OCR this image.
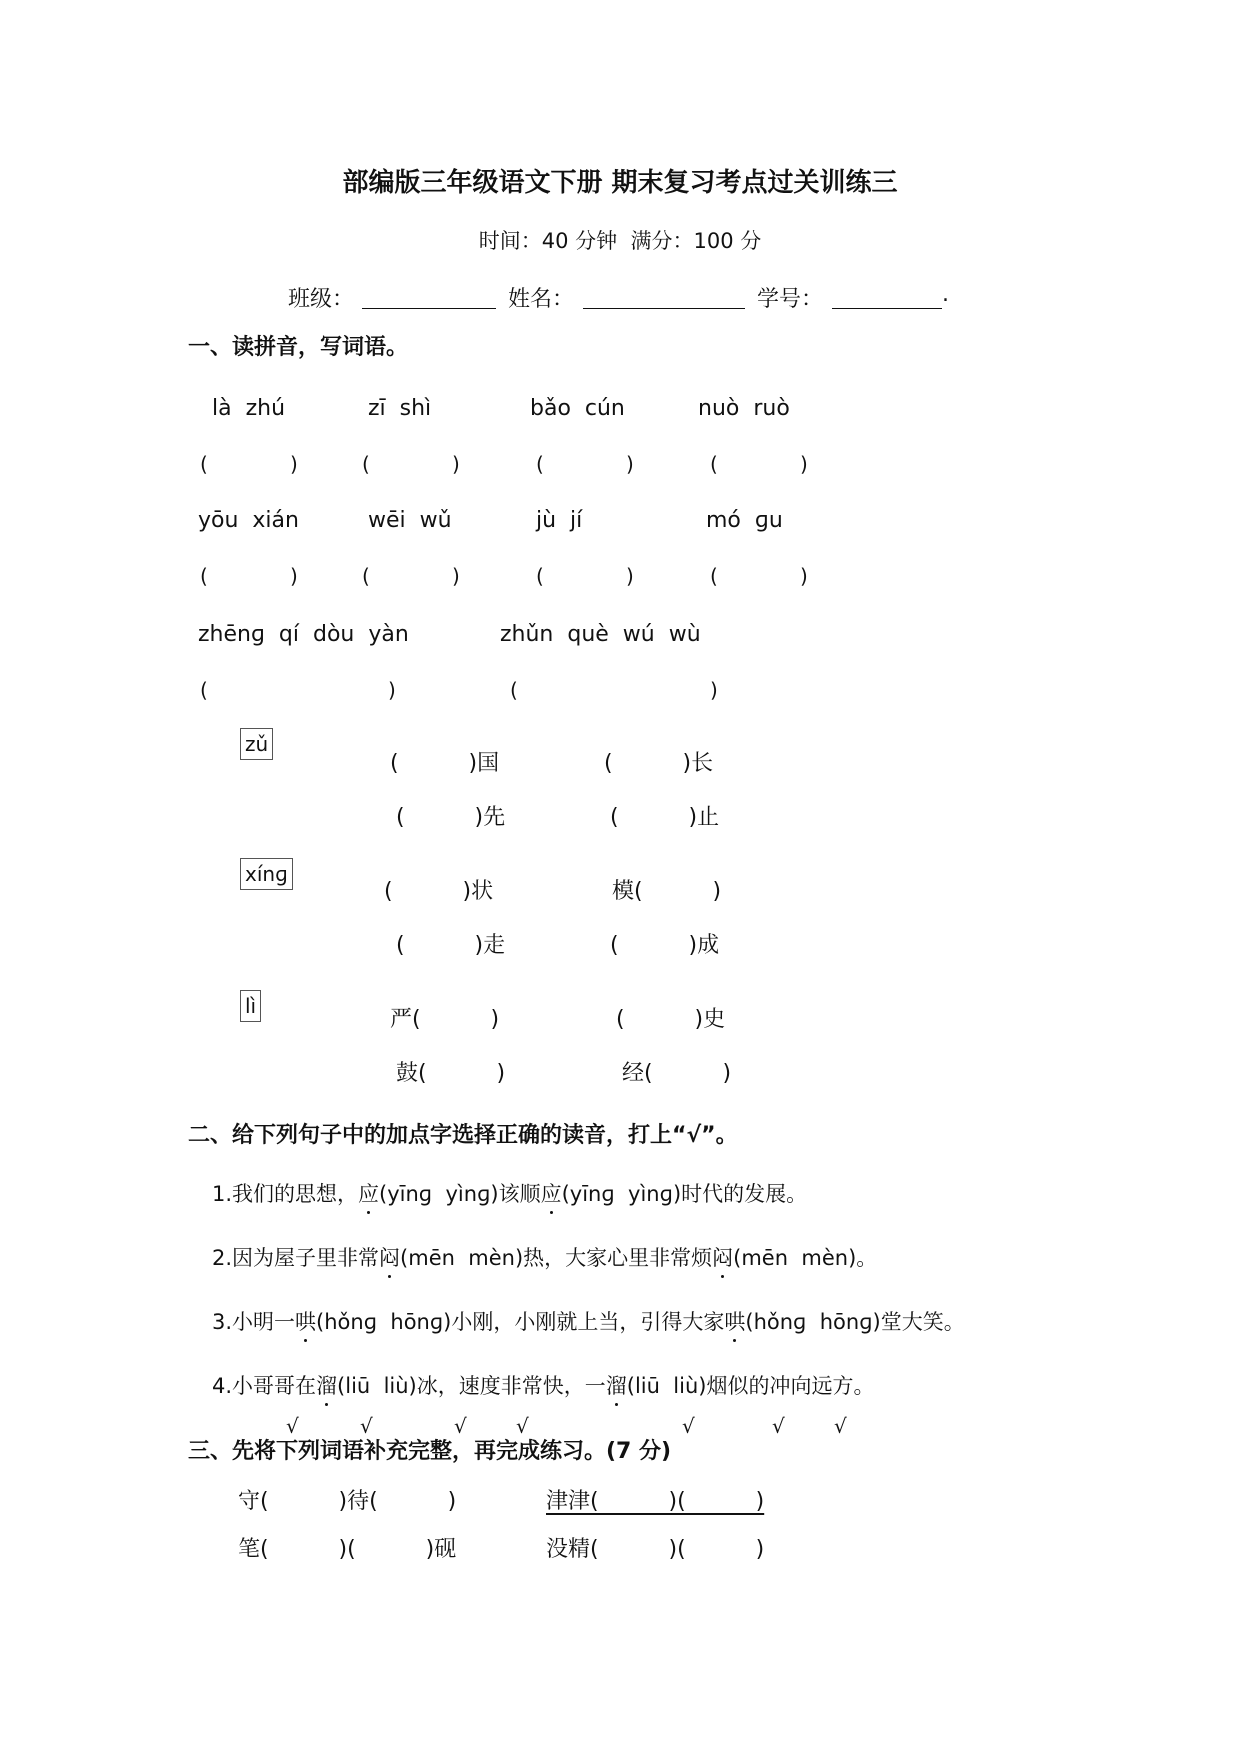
部编版三年级语文下册 期末复习考点过关训练三
时间：40 分钟  满分：100 分
班级：	姓名：	学号：	.
一、读拼音，写词语。
là  zhú	zī  shì	bǎo  cún	nuò  ruò
(	)	(	)	(	)	(	)
yōu  xián	wēi  wǔ	jù  jí	mó  ɡu
(	)	(	)	(	)	(	)
zhēnɡ  qí  dòu  yàn	zhǔn  què  wú  wù
(	)	(	)
zǔ
(          )国	(          )长
(          )先	(          )止
xínɡ
(          )状	模(          )
(          )走	(          )成
lì
严(          )	(          )史
鼓(          )	经(          )
二、给下列句子中的加点字选择正确的读音，打上“√”。
1.我们的思想，应(yīnɡ  yìnɡ)该顺应(yīnɡ  yìnɡ)时代的发展。
2.因为屋子里非常闷(mēn  mèn)热，大家心里非常烦闷(mēn  mèn)。
3.小明一哄(hǒnɡ  hōnɡ)小刚，小刚就上当，引得大家哄(hǒnɡ  hōnɡ)堂大笑。
4.小哥哥在溜(liū  liù)冰，速度非常快，一溜(liū  liù)烟似的冲向远方。
√	√	√ √	√	√ √
三、先将下列词语补充完整，再完成练习。(7 分)
守(          )待(          )	津津(          )(          )
笔(          )(          )砚	没精(          )(          )
